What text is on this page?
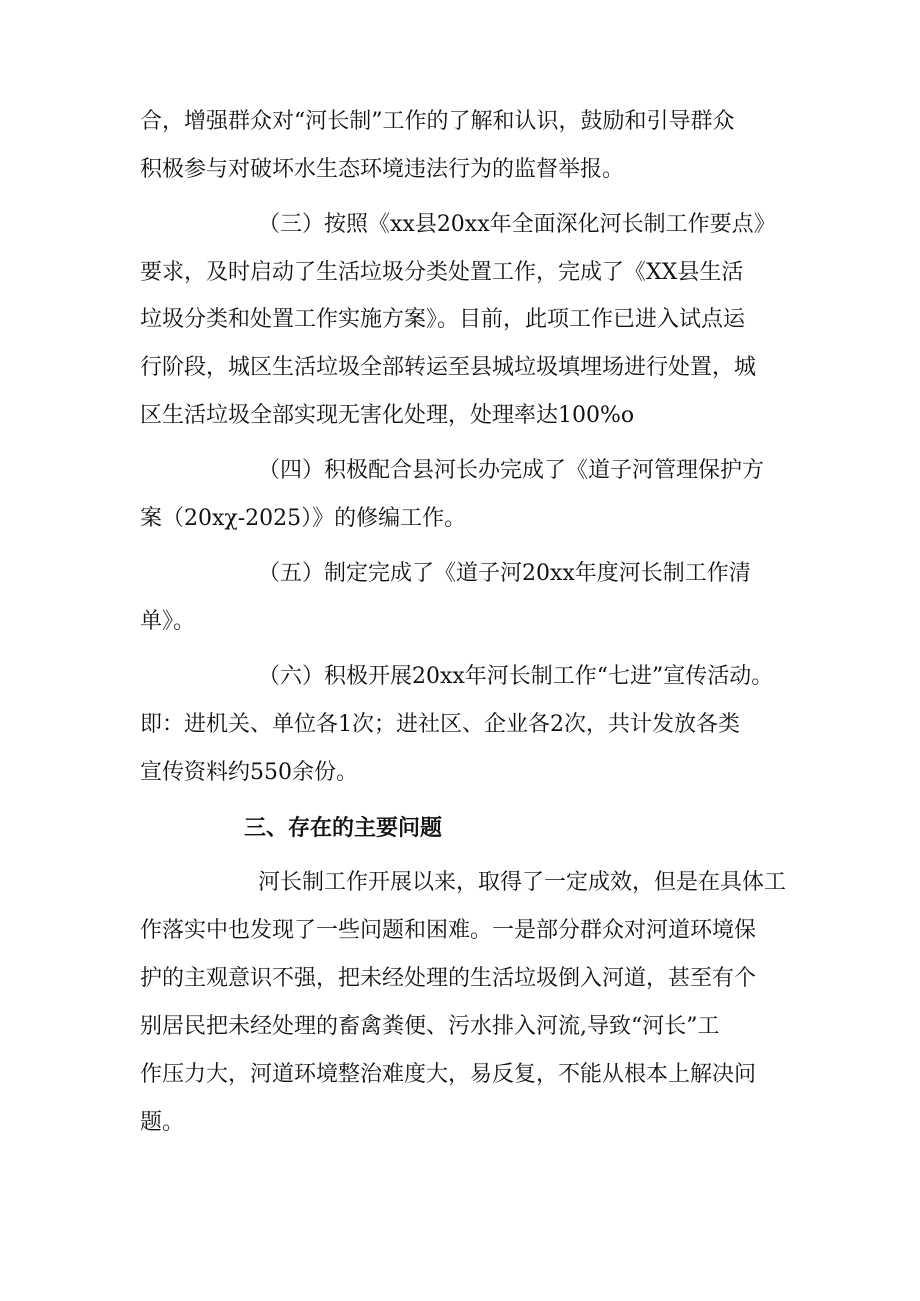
合，增强群众对“河长制”工作的了解和认识，鼓励和引导群众

积极参与对破坏水生态环境违法行为的监督举报。

（三）按照《xx县20xx年全面深化河长制工作要点》

要求，及时启动了生活垃圾分类处置工作，完成了《XX县生活

垃圾分类和处置工作实施方案》。目前，此项工作已进入试点运

行阶段，城区生活垃圾全部转运至县城垃圾填埋场进行处置，城

区生活垃圾全部实现无害化处理，处理率达100%o

（四）积极配合县河长办完成了《道子河管理保护方

案（20xχ-2025）》的修编工作。

（五）制定完成了《道子河20xx年度河长制工作清

单》。

（六）积极开展20xx年河长制工作“七进”宣传活动。

即：进机关、单位各1次；进社区、企业各2次，共计发放各类

宣传资料约550余份。

三、存在的主要问题

河长制工作开展以来，取得了一定成效，但是在具体工

作落实中也发现了一些问题和困难。一是部分群众对河道环境保

护的主观意识不强，把未经处理的生活垃圾倒入河道，甚至有个

别居民把未经处理的畜禽粪便、污水排入河流,导致“河长”工

作压力大，河道环境整治难度大，易反复，不能从根本上解决问

题。
